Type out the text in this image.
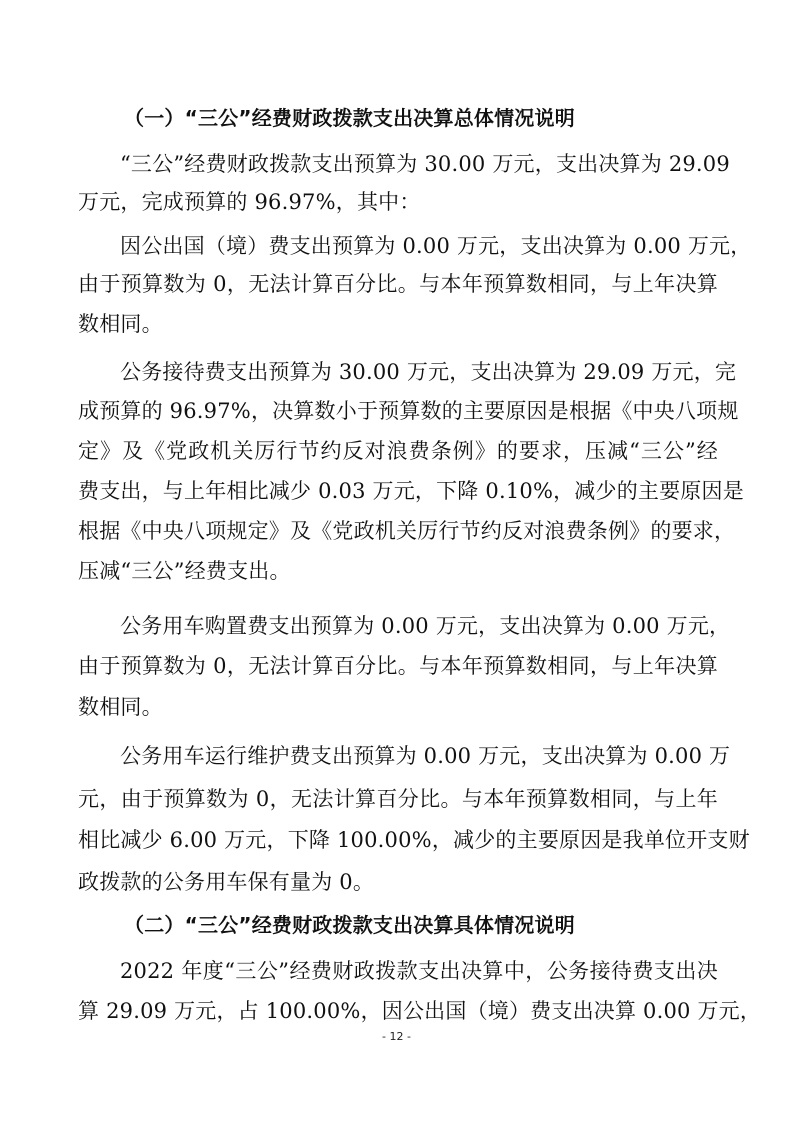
（一）“三公”经费财政拨款支出决算总体情况说明
“三公”经费财政拨款支出预算为 30.00 万元，支出决算为 29.09
万元，完成预算的 96.97%，其中：
因公出国（境）费支出预算为 0.00 万元，支出决算为 0.00 万元，
由于预算数为 0，无法计算百分比。与本年预算数相同，与上年决算
数相同。
公务接待费支出预算为 30.00 万元，支出决算为 29.09 万元，完
成预算的 96.97%，决算数小于预算数的主要原因是根据《中央八项规
定》及《党政机关厉行节约反对浪费条例》的要求，压减“三公”经
费支出，与上年相比减少 0.03 万元，下降 0.10%，减少的主要原因是
根据《中央八项规定》及《党政机关厉行节约反对浪费条例》的要求，
压减“三公”经费支出。
公务用车购置费支出预算为 0.00 万元，支出决算为 0.00 万元，
由于预算数为 0，无法计算百分比。与本年预算数相同，与上年决算
数相同。
公务用车运行维护费支出预算为 0.00 万元，支出决算为 0.00 万
元，由于预算数为 0，无法计算百分比。与本年预算数相同，与上年
相比减少 6.00 万元，下降 100.00%，减少的主要原因是我单位开支财
政拨款的公务用车保有量为 0。
（二）“三公”经费财政拨款支出决算具体情况说明
2022 年度“三公”经费财政拨款支出决算中，公务接待费支出决
算 29.09 万元，占 100.00%，因公出国（境）费支出决算 0.00 万元，
- 12 -
